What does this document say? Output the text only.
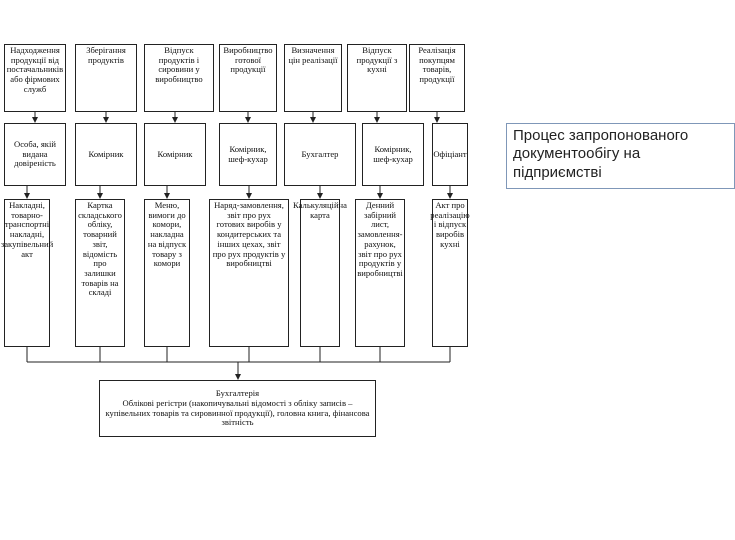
Надходження продукції від постачальників або фірмових служб
Зберігання продуктів
Відпуск продуктів і сировини у виробництво
Виробництво готової продукції
Визначення цін реалізації
Відпуск продукції з кухні
Реалізація покупцям товарів, продукції
Особа, якій видана довіреність
Комірник	Комірник	Комірник, шеф-кухар	Бухгалтер	Комірник, шеф-кухар	Офіціант
Накладні, товарно-транспортні накладні, закупівельний акт
Картка складського обліку, товарний звіт, відомість про залишки товарів на складі
Меню, вимоги до комори, накладна на відпуск товару з комори
Наряд-замовлення, звіт про рух готових виробів у кондитерських та інших цехах, звіт про рух продуктів у виробництві
Калькуляційна карта
Денний забірний лист, замовлення-рахунок, звіт про рух продуктів у виробництві
Акт про реалізацію і відпуск виробів кухні
Бухгалтерія
Облікові регістри (накопичувальні відомості з обліку записів – купівельних товарів та сировинної продукції), головна книга, фінансова звітність
Процес запропонованого документообігу на підприємстві
